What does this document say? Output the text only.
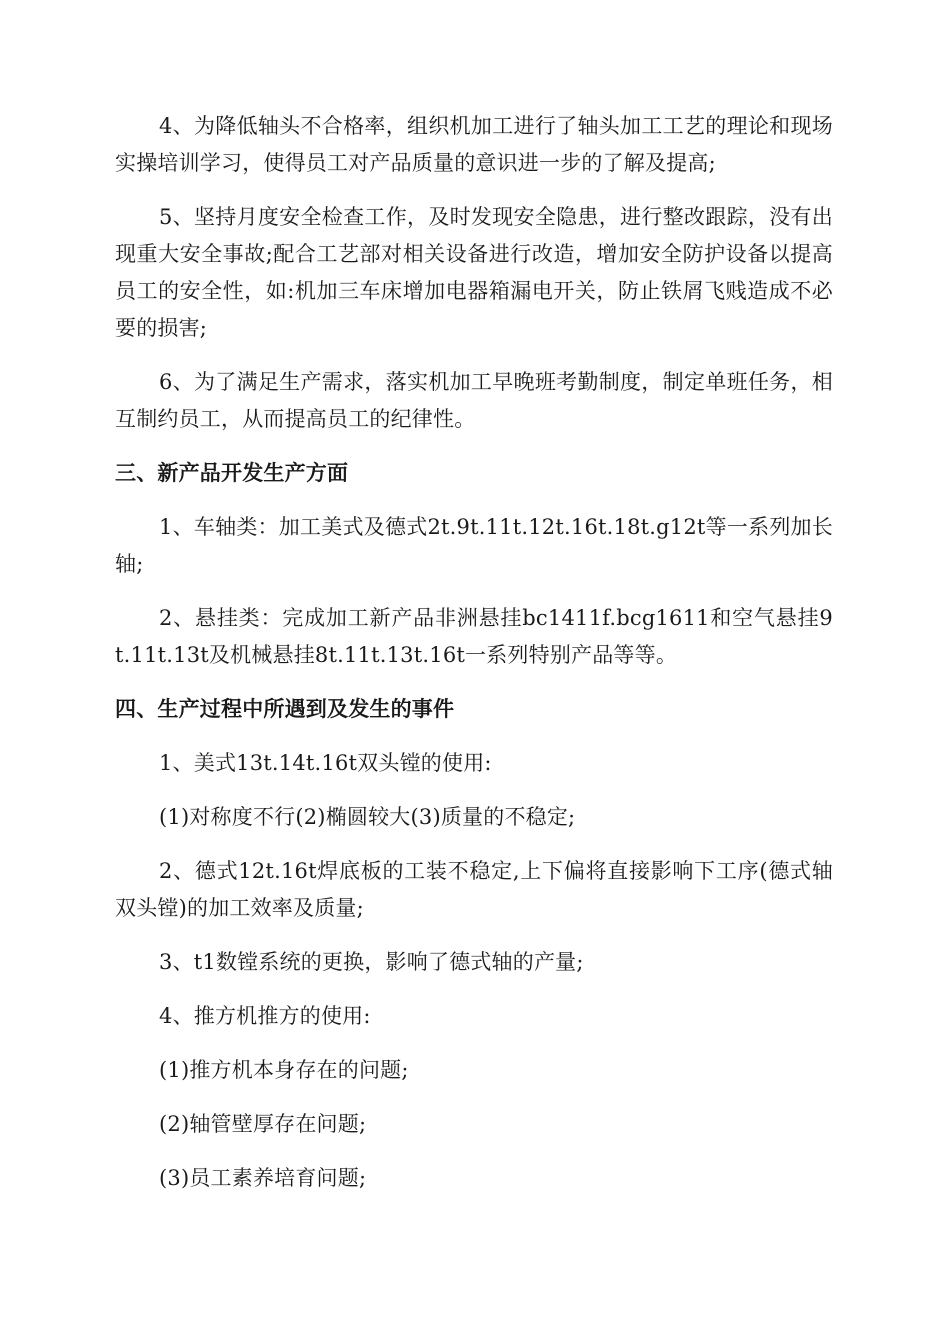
4、为降低轴头不合格率，组织机加工进行了轴头加工工艺的理论和现场实操培训学习，使得员工对产品质量的意识进一步的了解及提高;

5、坚持月度安全检查工作，及时发现安全隐患，进行整改跟踪，没有出现重大安全事故;配合工艺部对相关设备进行改造，增加安全防护设备以提高员工的安全性，如:机加三车床增加电器箱漏电开关，防止铁屑飞贱造成不必要的损害;

6、为了满足生产需求，落实机加工早晚班考勤制度，制定单班任务，相互制约员工，从而提高员工的纪律性。

三、新产品开发生产方面

1、车轴类：加工美式及德式2t.9t.11t.12t.16t.18t.g12t等一系列加长轴;

2、悬挂类：完成加工新产品非洲悬挂bc1411f.bcg1611和空气悬挂9t.11t.13t及机械悬挂8t.11t.13t.16t一系列特别产品等等。

四、生产过程中所遇到及发生的事件

1、美式13t.14t.16t双头镗的使用:

(1)对称度不行(2)椭圆较大(3)质量的不稳定;

2、德式12t.16t焊底板的工装不稳定,上下偏将直接影响下工序(德式轴双头镗)的加工效率及质量;

3、t1数镗系统的更换，影响了德式轴的产量;

4、推方机推方的使用:

(1)推方机本身存在的问题;

(2)轴管壁厚存在问题;

(3)员工素养培育问题;
